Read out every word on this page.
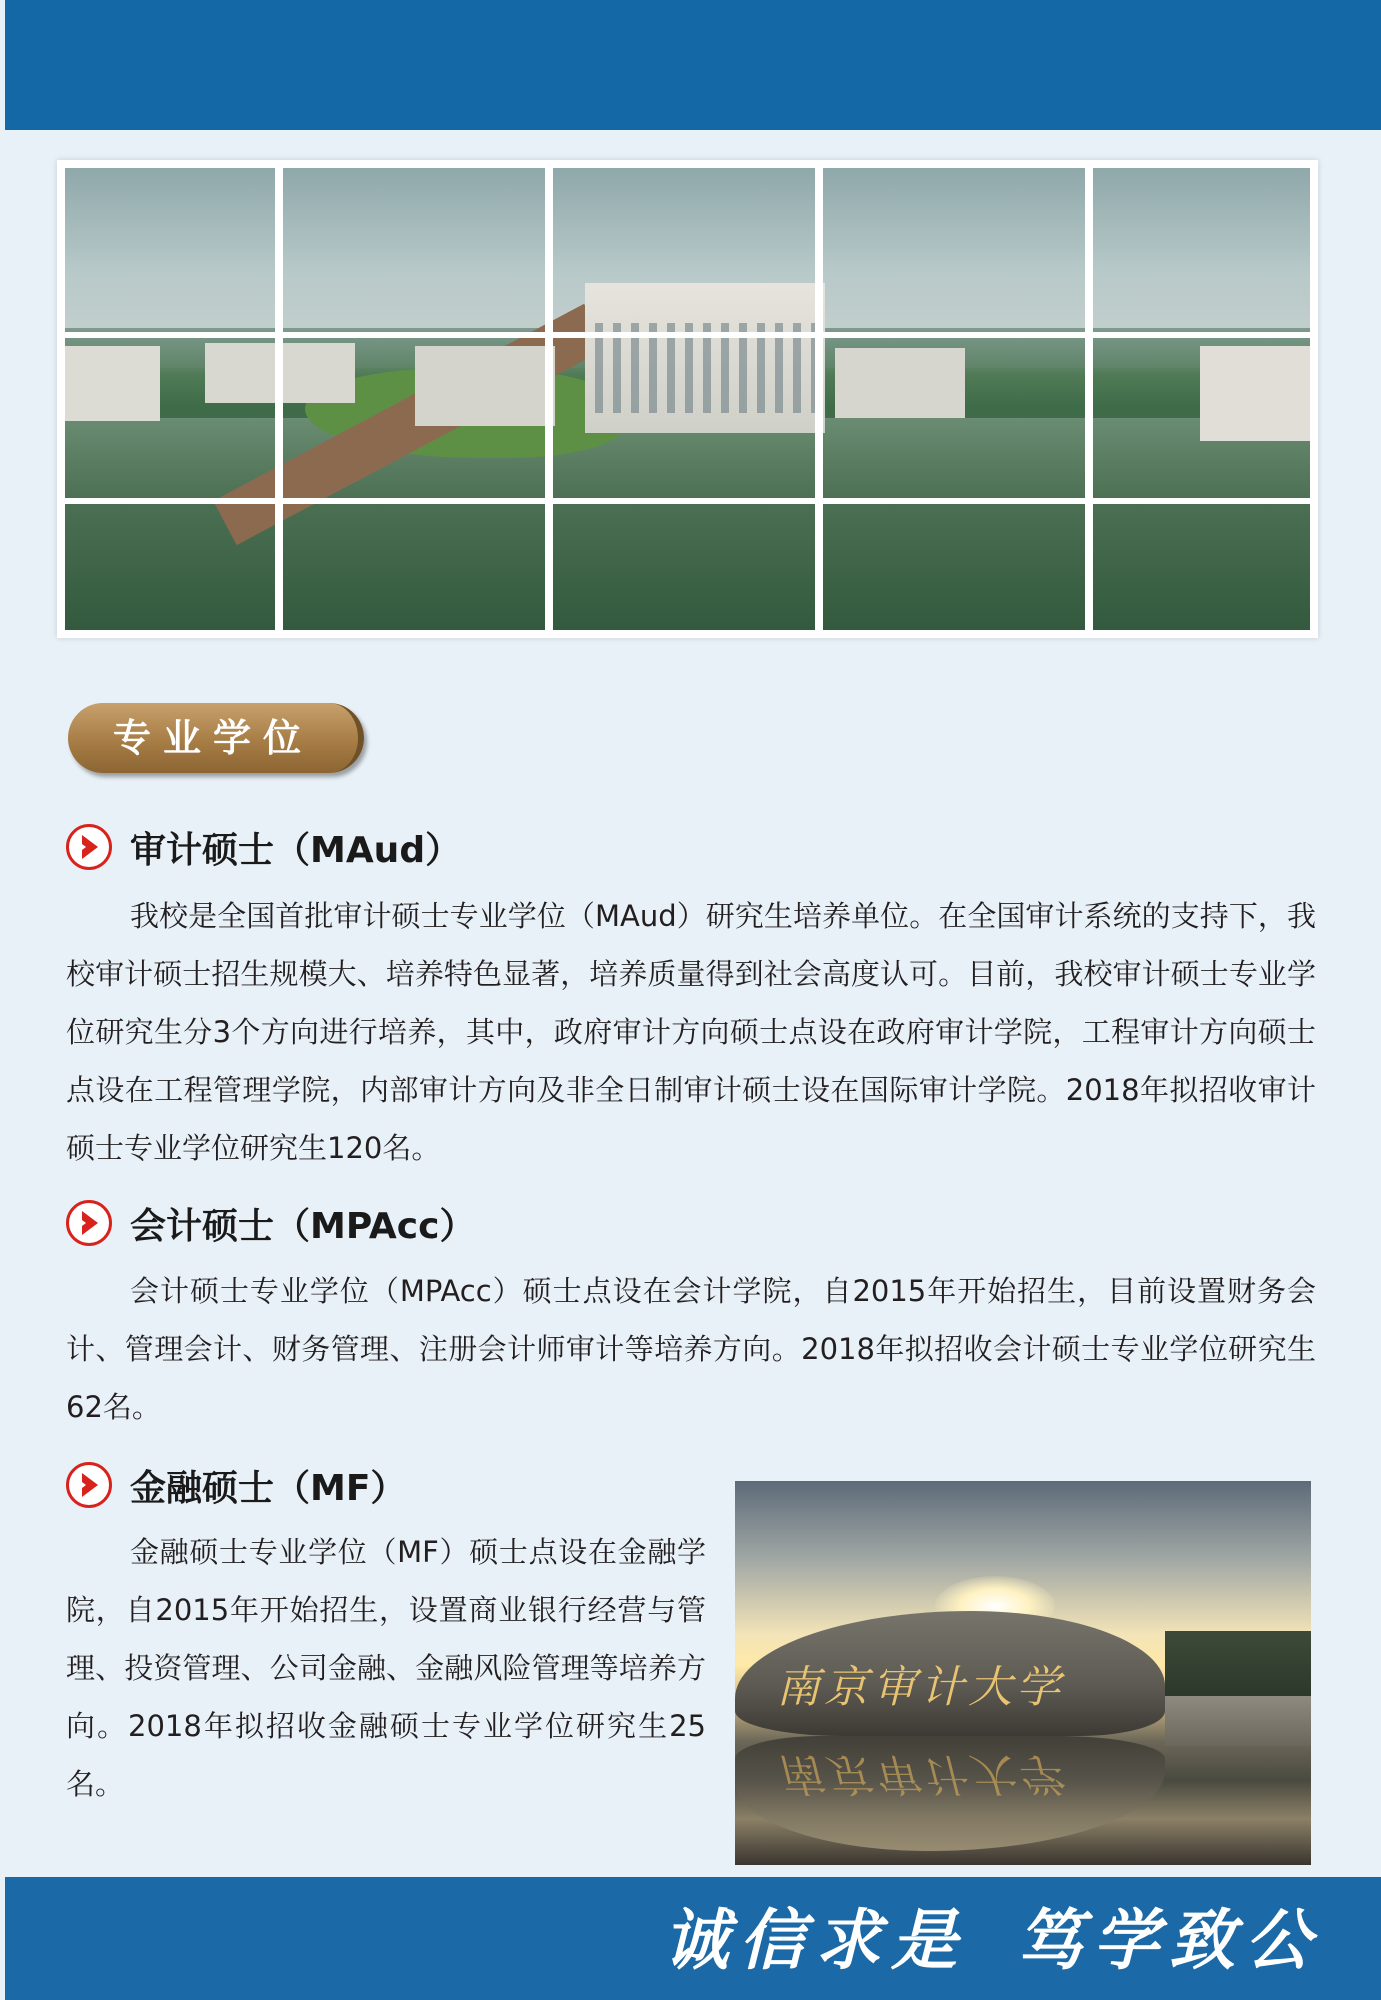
专业学位
审计硕士（MAud）

我校是全国首批审计硕士专业学位（MAud）研究生培养单位。在全国审计系统的支持下，我校审计硕士招生规模大、培养特色显著，培养质量得到社会高度认可。目前，我校审计硕士专业学位研究生分3个方向进行培养，其中，政府审计方向硕士点设在政府审计学院，工程审计方向硕士点设在工程管理学院，内部审计方向及非全日制审计硕士设在国际审计学院。2018年拟招收审计硕士专业学位研究生120名。

会计硕士（MPAcc）

会计硕士专业学位（MPAcc）硕士点设在会计学院，自2015年开始招生，目前设置财务会计、管理会计、财务管理、注册会计师审计等培养方向。2018年拟招收会计硕士专业学位研究生62名。

金融硕士（MF）

金融硕士专业学位（MF）硕士点设在金融学院，自2015年开始招生，设置商业银行经营与管理、投资管理、公司金融、金融风险管理等培养方向。2018年拟招收金融硕士专业学位研究生25名。

南京审计大学
南京审计大学
诚信求是 笃学致公
